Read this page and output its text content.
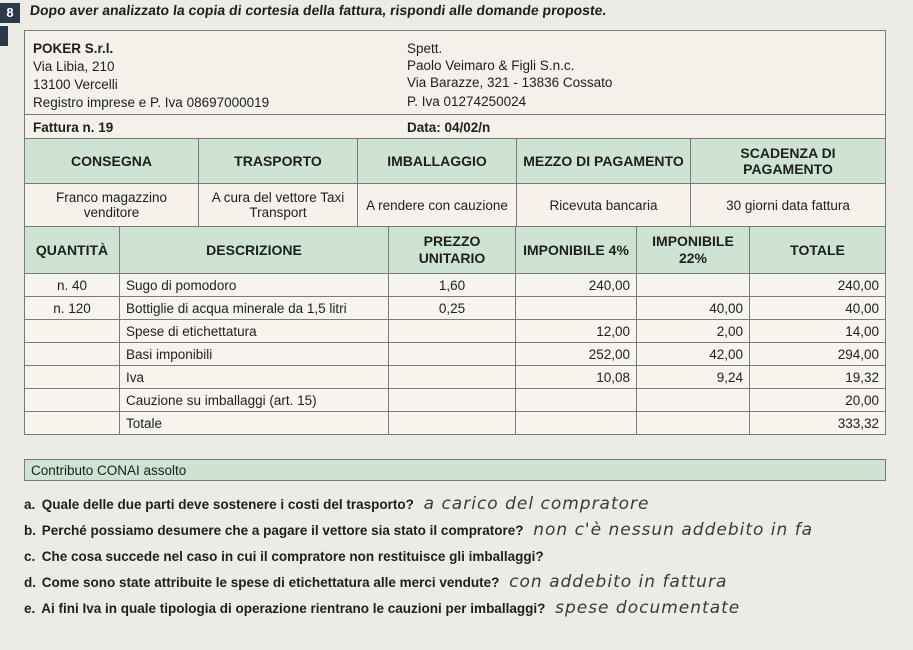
8	Dopo aver analizzato la copia di cortesia della fattura, rispondi alle domande proposte.
POKER S.r.l.
Via Libia, 210
13100 Vercelli
Registro imprese e P. Iva 08697000019
Spett.
Paolo Veimaro & Figli S.n.c.
Via Barazze, 321 - 13836 Cossato
P. Iva 01274250024
Fattura n. 19	Data: 04/02/n
CONSEGNA	TRASPORTO	IMBALLAGGIO	MEZZO DI PAGAMENTO	SCADENZA DI PAGAMENTO
Franco magazzino venditore	A cura del vettore Taxi Transport	A rendere con cauzione	Ricevuta bancaria	30 giorni data fattura
QUANTITÀ	DESCRIZIONE	PREZZO UNITARIO	IMPONIBILE 4%	IMPONIBILE 22%	TOTALE
n. 40	Sugo di pomodoro	1,60	240,00		240,00
n. 120	Bottiglie di acqua minerale da 1,5 litri	0,25		40,00	40,00
	Spese di etichettatura		12,00	2,00	14,00
	Basi imponibili		252,00	42,00	294,00
	Iva		10,08	9,24	19,32
	Cauzione su imballaggi (art. 15)				20,00
	Totale				333,32
Contributo CONAI assolto
a. Quale delle due parti deve sostenere i costi del trasporto? a carico del compratore
b. Perché possiamo desumere che a pagare il vettore sia stato il compratore? non c'è nessun addebito in fa
c. Che cosa succede nel caso in cui il compratore non restituisce gli imballaggi?
d. Come sono state attribuite le spese di etichettatura alle merci vendute? con addebito in fattura
e. Ai fini Iva in quale tipologia di operazione rientrano le cauzioni per imballaggi? spese documentate
